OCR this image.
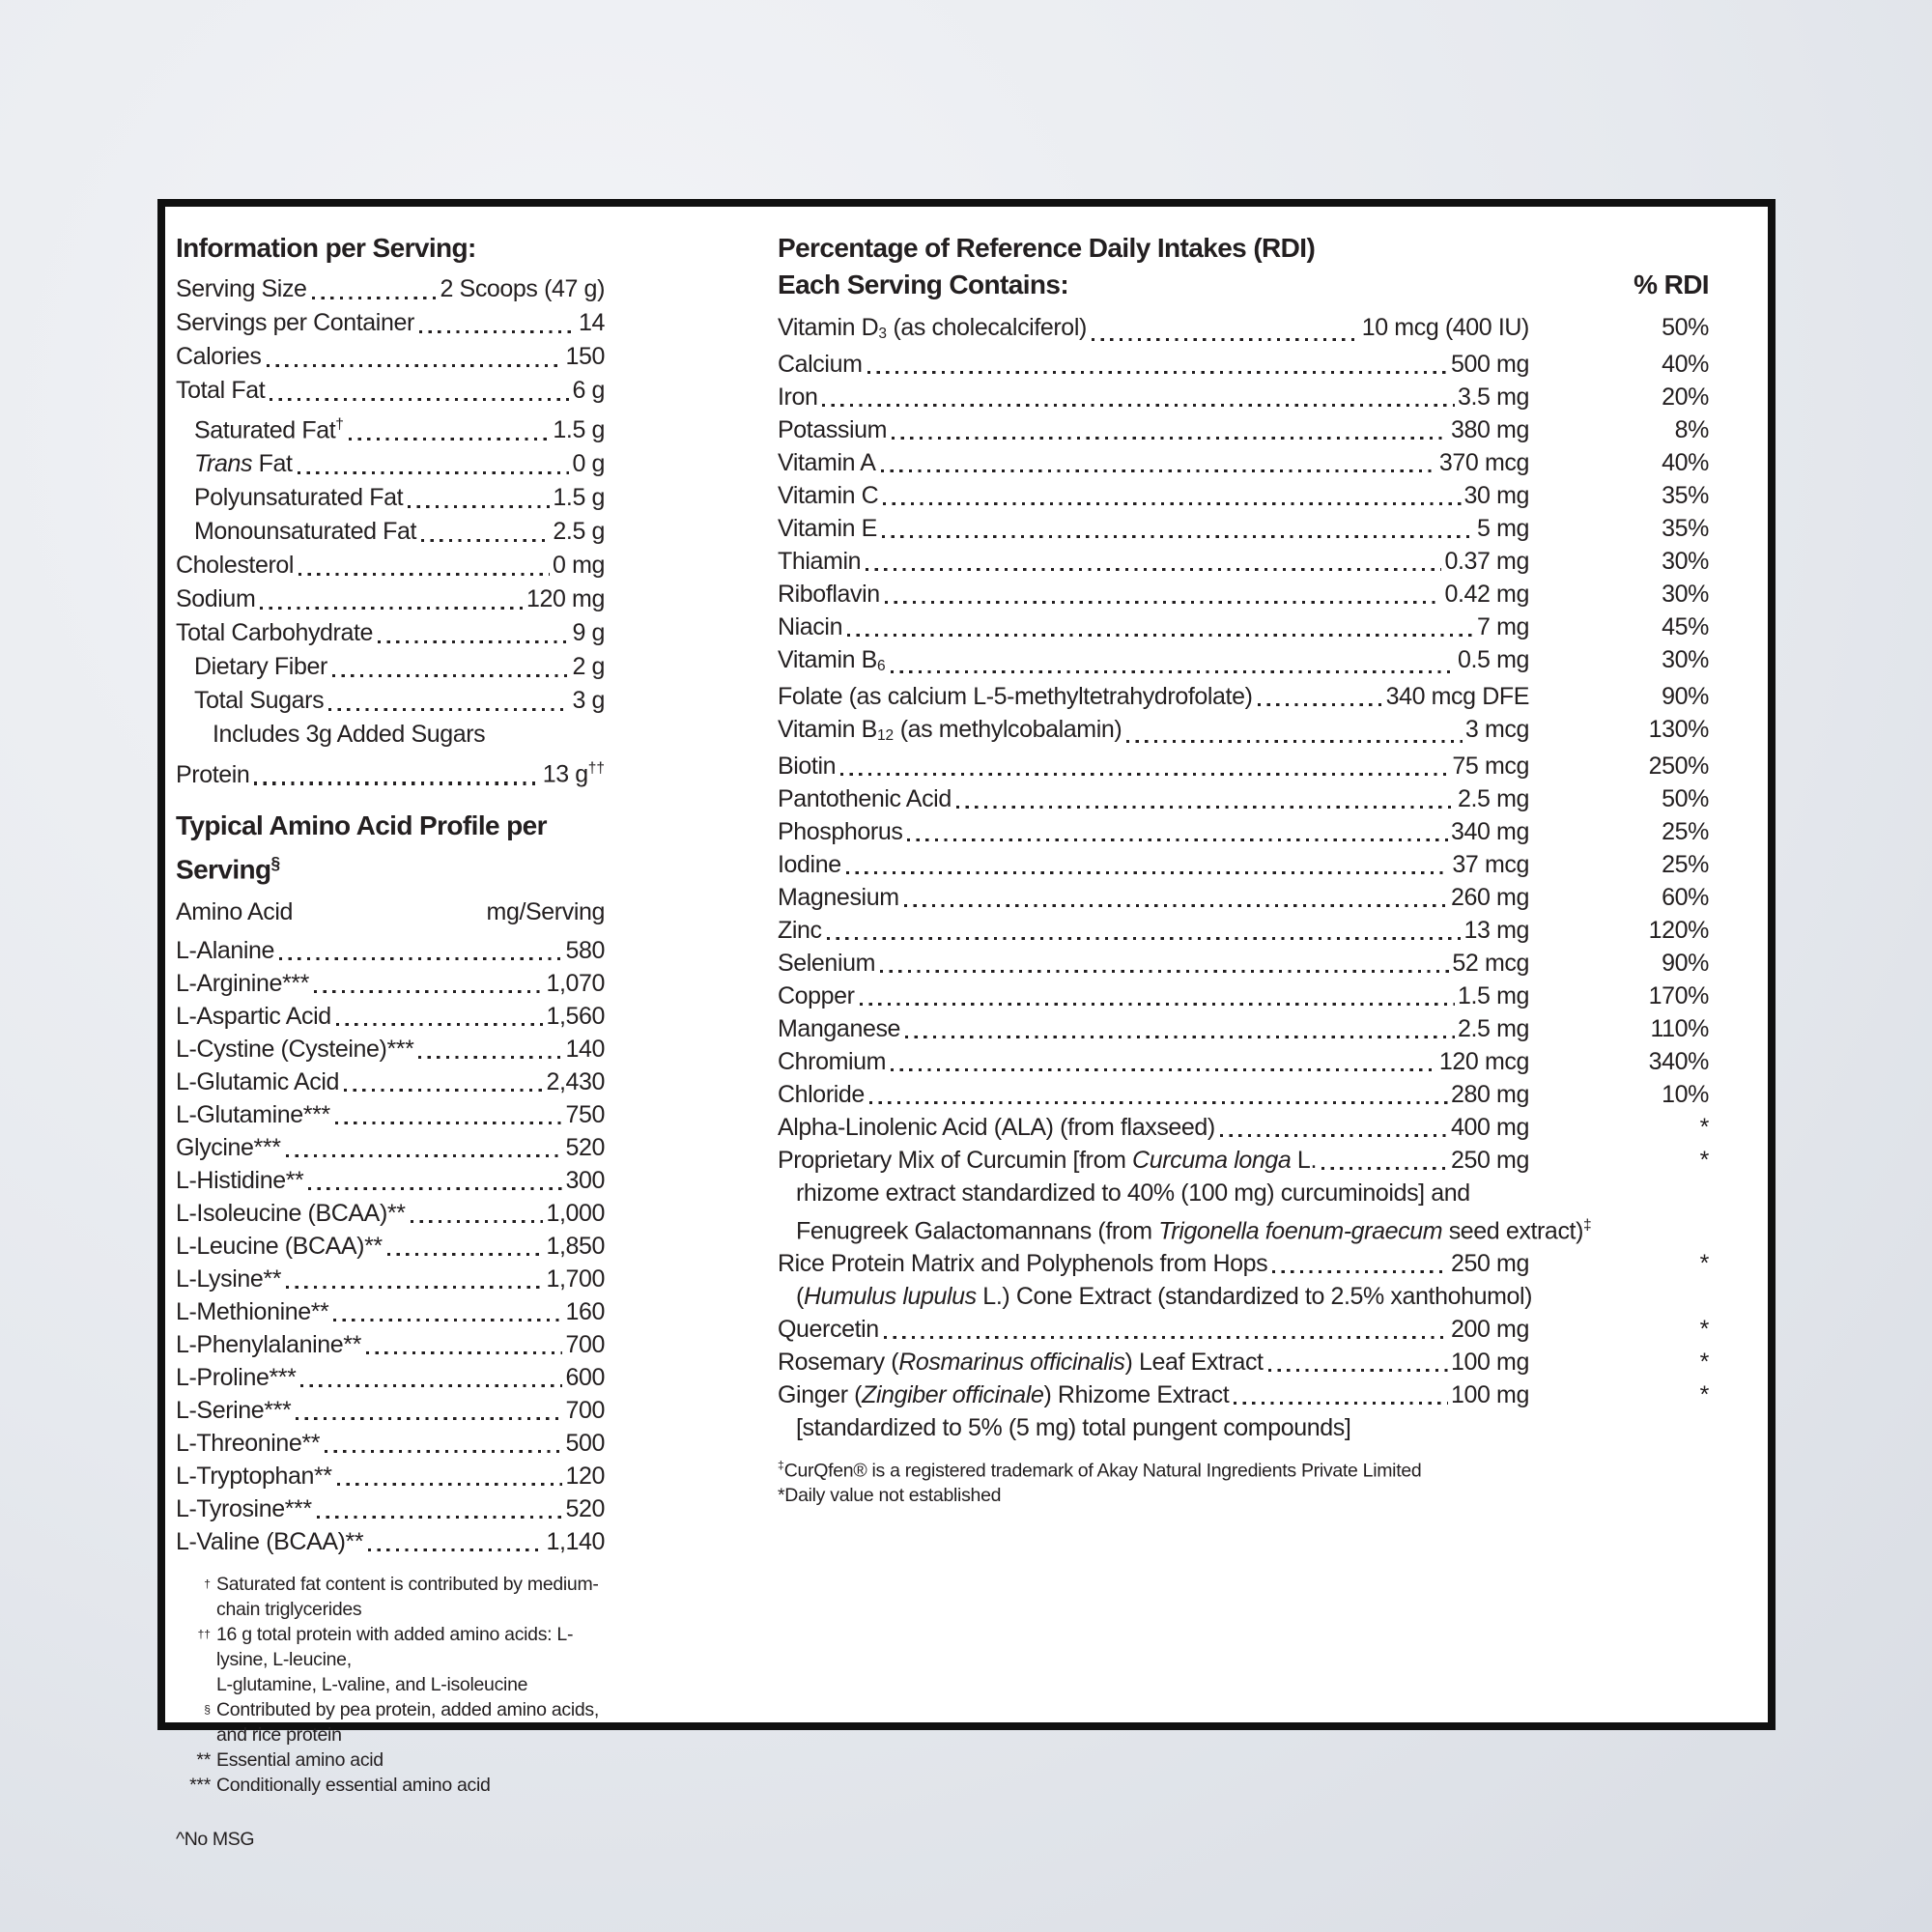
Information per Serving:
Serving Size	2 Scoops (47 g)
Servings per Container	14
Calories	150
Total Fat	6 g
Saturated Fat†	1.5 g
Trans Fat	0 g
Polyunsaturated Fat	1.5 g
Monounsaturated Fat	2.5 g
Cholesterol	0 mg
Sodium	120 mg
Total Carbohydrate	9 g
Dietary Fiber	2 g
Total Sugars	3 g
Includes 3g Added Sugars
Protein	13 g††
Typical Amino Acid Profile per Serving§
Amino Acid	mg/Serving
L-Alanine	580
L-Arginine***	1,070
L-Aspartic Acid	1,560
L-Cystine (Cysteine)***	140
L-Glutamic Acid	2,430
L-Glutamine***	750
Glycine***	520
L-Histidine**	300
L-Isoleucine (BCAA)**	1,000
L-Leucine (BCAA)**	1,850
L-Lysine**	1,700
L-Methionine**	160
L-Phenylalanine**	700
L-Proline***	600
L-Serine***	700
L-Threonine**	500
L-Tryptophan**	120
L-Tyrosine***	520
L-Valine (BCAA)**	1,140
† Saturated fat content is contributed by medium-chain triglycerides
†† 16 g total protein with added amino acids: L-lysine, L-leucine,
L-glutamine, L-valine, and L-isoleucine
§ Contributed by pea protein, added amino acids, and rice protein
** Essential amino acid
*** Conditionally essential amino acid
^No MSG
Percentage of Reference Daily Intakes (RDI)
Each Serving Contains:	% RDI
Vitamin $D_3$ (as cholecalciferol)	10 mcg (400 IU)	50%
Calcium	500 mg	40%
Iron	3.5 mg	20%
Potassium	380 mg	8%
Vitamin A	370 mcg	40%
Vitamin C	30 mg	35%
Vitamin E	5 mg	35%
Thiamin	0.37 mg	30%
Riboflavin	0.42 mg	30%
Niacin	7 mg	45%
Vitamin $B_6$	0.5 mg	30%
Folate (as calcium L-5-methyltetrahydrofolate)	340 mcg DFE	90%
Vitamin $B_{12}$ (as methylcobalamin)	3 mcg	130%
Biotin	75 mcg	250%
Pantothenic Acid	2.5 mg	50%
Phosphorus	340 mg	25%
Iodine	37 mcg	25%
Magnesium	260 mg	60%
Zinc	13 mg	120%
Selenium	52 mcg	90%
Copper	1.5 mg	170%
Manganese	2.5 mg	110%
Chromium	120 mcg	340%
Chloride	280 mg	10%
Alpha-Linolenic Acid (ALA) (from flaxseed)	400 mg	*
Proprietary Mix of Curcumin [from Curcuma longa L.	250 mg	*
rhizome extract standardized to 40% (100 mg) curcuminoids] and
Fenugreek Galactomannans (from Trigonella foenum-graecum seed extract)‡
Rice Protein Matrix and Polyphenols from Hops	250 mg	*
(Humulus lupulus L.) Cone Extract (standardized to 2.5% xanthohumol)
Quercetin	200 mg	*
Rosemary (Rosmarinus officinalis) Leaf Extract	100 mg	*
Ginger (Zingiber officinale) Rhizome Extract	100 mg	*
[standardized to 5% (5 mg) total pungent compounds]
‡CurQfen® is a registered trademark of Akay Natural Ingredients Private Limited
*Daily value not established
